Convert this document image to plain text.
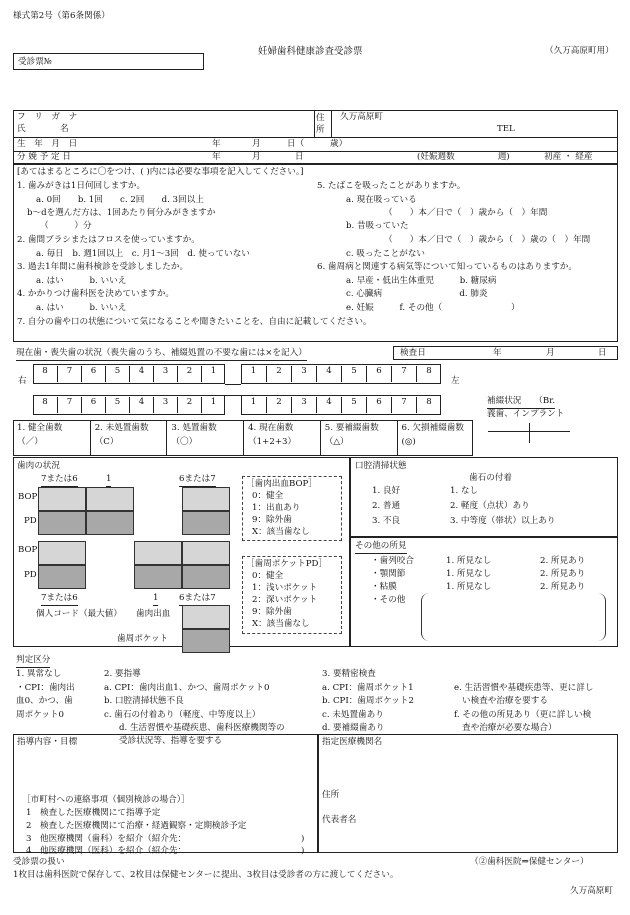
様式第2号（第6条関係）
妊婦歯科健康診査受診票	（久万高原町用）
受診票№
フ　リ　ガ　ナ
氏　　　　名
住
所
久万高原町
TEL
生　年　月　日	年	月	日（　　　歳）
分 娩 予 定 日	年	月	日	(妊娠週数　　　　　週)	初産 ・ 経産
[あてはまるところに〇をつけ、( )内には必要な事項を記入してください。]
1. 歯みがきは1日何回しますか。
a. 0回　　b. 1回　　c. 2回　　d. 3回以上
b～dを選んだ方は、1回あたり何分みがきますか
（　　　）分
2. 歯間ブラシまたはフロスを使っていますか。
a. 毎日　b. 週1回以上　c. 月1～3回　d. 使っていない
3. 過去1年間に歯科検診を受診しましたか。
a. はい　　　b. いいえ
4. かかりつけ歯科医を決めていますか。
a. はい　　　b. いいえ
5. たばこを吸ったことがありますか。
a. 現在吸っている
（　　）本／日で（　）歳から（　）年間
b. 昔吸っていた
（　　）本／日で（　）歳から（　）歳の（　）年間
c. 吸ったことがない
6. 歯周病と関連する病気等について知っているものはありますか。
a. 早産・低出生体重児　　　b. 糖尿病
c. 心臓病　　　　　　　　　d. 肺炎
e. 妊娠　　　f. その他（　　　　　　　　）
7. 自分の歯や口の状態について気になることや聞きたいことを、自由に記載してください。
現在歯・喪失歯の状況（喪失歯のうち、補綴処置の不要な歯には×を記入）	検査日	年	月	日
右	左
8	7	6	5	4	3	2	1	1	2	3	4	5	6	7	8
8	7	6	5	4	3	2	1	1	2	3	4	5	6	7	8	補綴状況　　（Br.
義歯、インプラント
1. 健全歯数
（／）
2. 未処置歯数
（C）
3. 処置歯数
（〇）
4. 現在歯数
（1+2+3）
5. 要補綴歯数
（△）
6. 欠損補綴歯数
(◎)
歯肉の状況
7または6	1	6または7
BOP
PD
BOP
PD
7または6	1 6または7
個人コード（最大値） 歯肉出血
歯周ポケット
［歯肉出血BOP］
0：健全
1：出血あり
9：除外歯
X：該当歯なし
［歯周ポケットPD］
0：健全
1：浅いポケット
2：深いポケット
9：除外歯
X：該当歯なし
口腔清掃状態
1. 良好
2. 普通
3. 不良
歯石の付着
1. なし
2. 軽度（点状）あり
3. 中等度（帯状）以上あり
その他の所見
・歯列咬合	1. 所見なし	2. 所見あり
・顎関節	1. 所見なし	2. 所見あり
・粘膜	1. 所見なし	2. 所見あり
・その他
判定区分
1. 異常なし
・CPI：歯肉出
血0、かつ、歯
周ポケット0
2. 要指導
a. CPI：歯肉出血1、かつ、歯周ポケット0
b. 口腔清掃状態不良
c. 歯石の付着あり（軽度、中等度以上）
d. 生活習慣や基礎疾患、歯科医療機関等の
受診状況等、指導を要する
3. 要精密検査
a. CPI：歯周ポケット1
b. CPI：歯周ポケット2
c. 未処置歯あり
d. 要補綴歯あり
e. 生活習慣や基礎疾患等、更に詳し
い検査や治療を要する
f. その他の所見あり（更に詳しい検
査や治療が必要な場合）
指導内容・目標
［市町村への連絡事項（個別検診の場合）］
1　検査した医療機関にて指導予定
2　検査した医療機関にて治療・経過観察・定期検診予定
3　他医療機関（歯科）を紹介（紹介先：
4　他医療機関（医科）を紹介（紹介先：
)
)
指定医療機関名
住所
代表者名
受診票の扱い	（②歯科医院⇒保健センター）
1枚目は歯科医院で保存して、2枚目は保健センターに提出、3枚目は受診者の方に渡してください。
久万高原町
